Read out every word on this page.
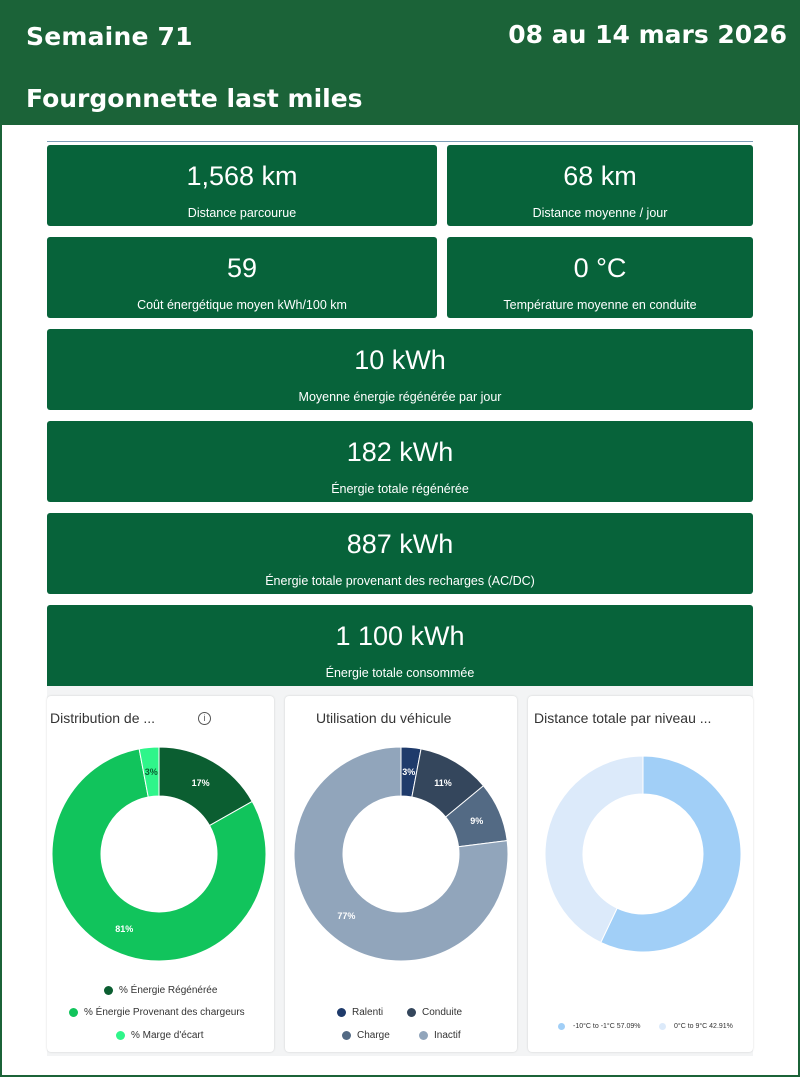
Semaine 71	08 au 14 mars 2026
Fourgonnette last miles
1,568 km
Distance parcourue
68 km
Distance moyenne / jour
59
Coût énergétique moyen kWh/100 km
0 °C
Température moyenne en conduite
10 kWh
Moyenne énergie régénérée par jour
182 kWh
Énergie totale régénérée
887 kWh
Énergie totale provenant des recharges (AC/DC)
1 100 kWh
Énergie totale consommée
Distribution de ...	i
17%
81%
3%
% Énergie Régénérée
% Énergie Provenant des chargeurs
% Marge d'écart
Utilisation du véhicule
3%
11%
9%
77%
Ralenti	Conduite
Charge	Inactif
Distance totale par niveau ...
-10°C to -1°C 57.09%	0°C to 9°C 42.91%
